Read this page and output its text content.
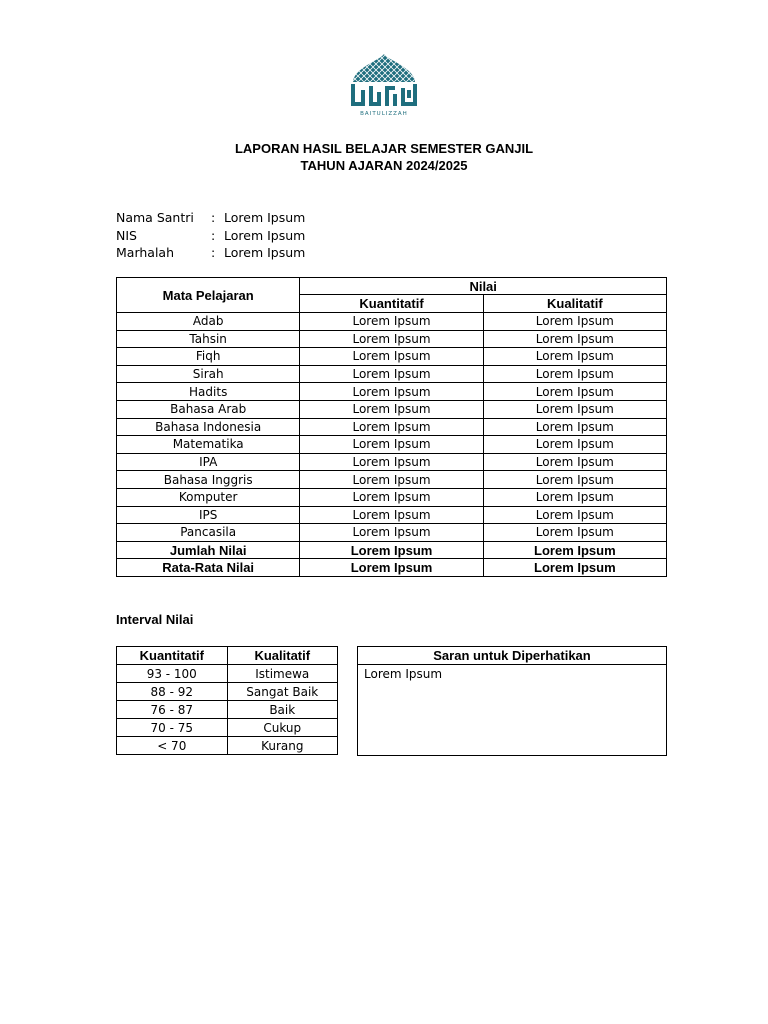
BAITULIZZAH
LAPORAN HASIL BELAJAR SEMESTER GANJIL
TAHUN AJARAN 2024/2025
Nama Santri	: Lorem Ipsum
NIS	: Lorem Ipsum
Marhalah	: Lorem Ipsum
Mata Pelajaran	Nilai	
	Kuantitatif	Kualitatif
Adab	Lorem Ipsum	Lorem Ipsum
Tahsin	Lorem Ipsum	Lorem Ipsum
Fiqh	Lorem Ipsum	Lorem Ipsum
Sirah	Lorem Ipsum	Lorem Ipsum
Hadits	Lorem Ipsum	Lorem Ipsum
Bahasa Arab	Lorem Ipsum	Lorem Ipsum
Bahasa Indonesia	Lorem Ipsum	Lorem Ipsum
Matematika	Lorem Ipsum	Lorem Ipsum
IPA	Lorem Ipsum	Lorem Ipsum
Bahasa Inggris	Lorem Ipsum	Lorem Ipsum
Komputer	Lorem Ipsum	Lorem Ipsum
IPS	Lorem Ipsum	Lorem Ipsum
Pancasila	Lorem Ipsum	Lorem Ipsum
Jumlah Nilai	Lorem Ipsum	Lorem Ipsum
Rata-Rata Nilai	Lorem Ipsum	Lorem Ipsum
Interval Nilai
Kuantitatif	Kualitatif
93 - 100	Istimewa
88 - 92	Sangat Baik
76 - 87	Baik
70 - 75	Cukup
< 70	Kurang
Saran untuk Diperhatikan
Lorem Ipsum
